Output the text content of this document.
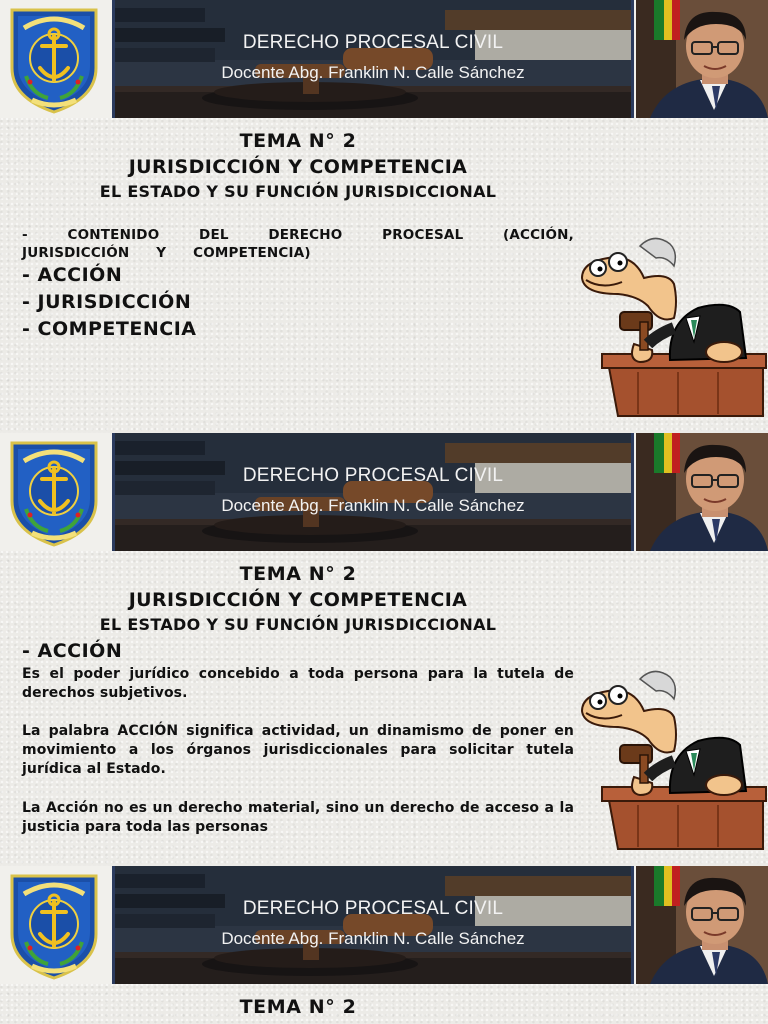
DERECHO PROCESAL CIVIL
Docente Abg. Franklin N. Calle Sánchez
TEMA N° 2
JURISDICCIÓN Y COMPETENCIA
EL ESTADO Y SU FUNCIÓN JURISDICCIONAL
- CONTENIDO DEL DERECHO PROCESAL (ACCIÓN, JURISDICCIÓN Y COMPETENCIA)
- ACCIÓN
- JURISDICCIÓN
- COMPETENCIA
DERECHO PROCESAL CIVIL
Docente Abg. Franklin N. Calle Sánchez
TEMA N° 2
JURISDICCIÓN Y COMPETENCIA
EL ESTADO Y SU FUNCIÓN JURISDICCIONAL
- ACCIÓN
Es el poder jurídico concebido a toda persona para la tutela de derechos subjetivos.
La palabra ACCIÓN significa actividad, un dinamismo de poner en movimiento a los órganos jurisdiccionales para solicitar tutela jurídica al Estado.
La Acción no es un derecho material, sino un derecho de acceso a la justicia para toda las personas
DERECHO PROCESAL CIVIL
Docente Abg. Franklin N. Calle Sánchez
TEMA N° 2
